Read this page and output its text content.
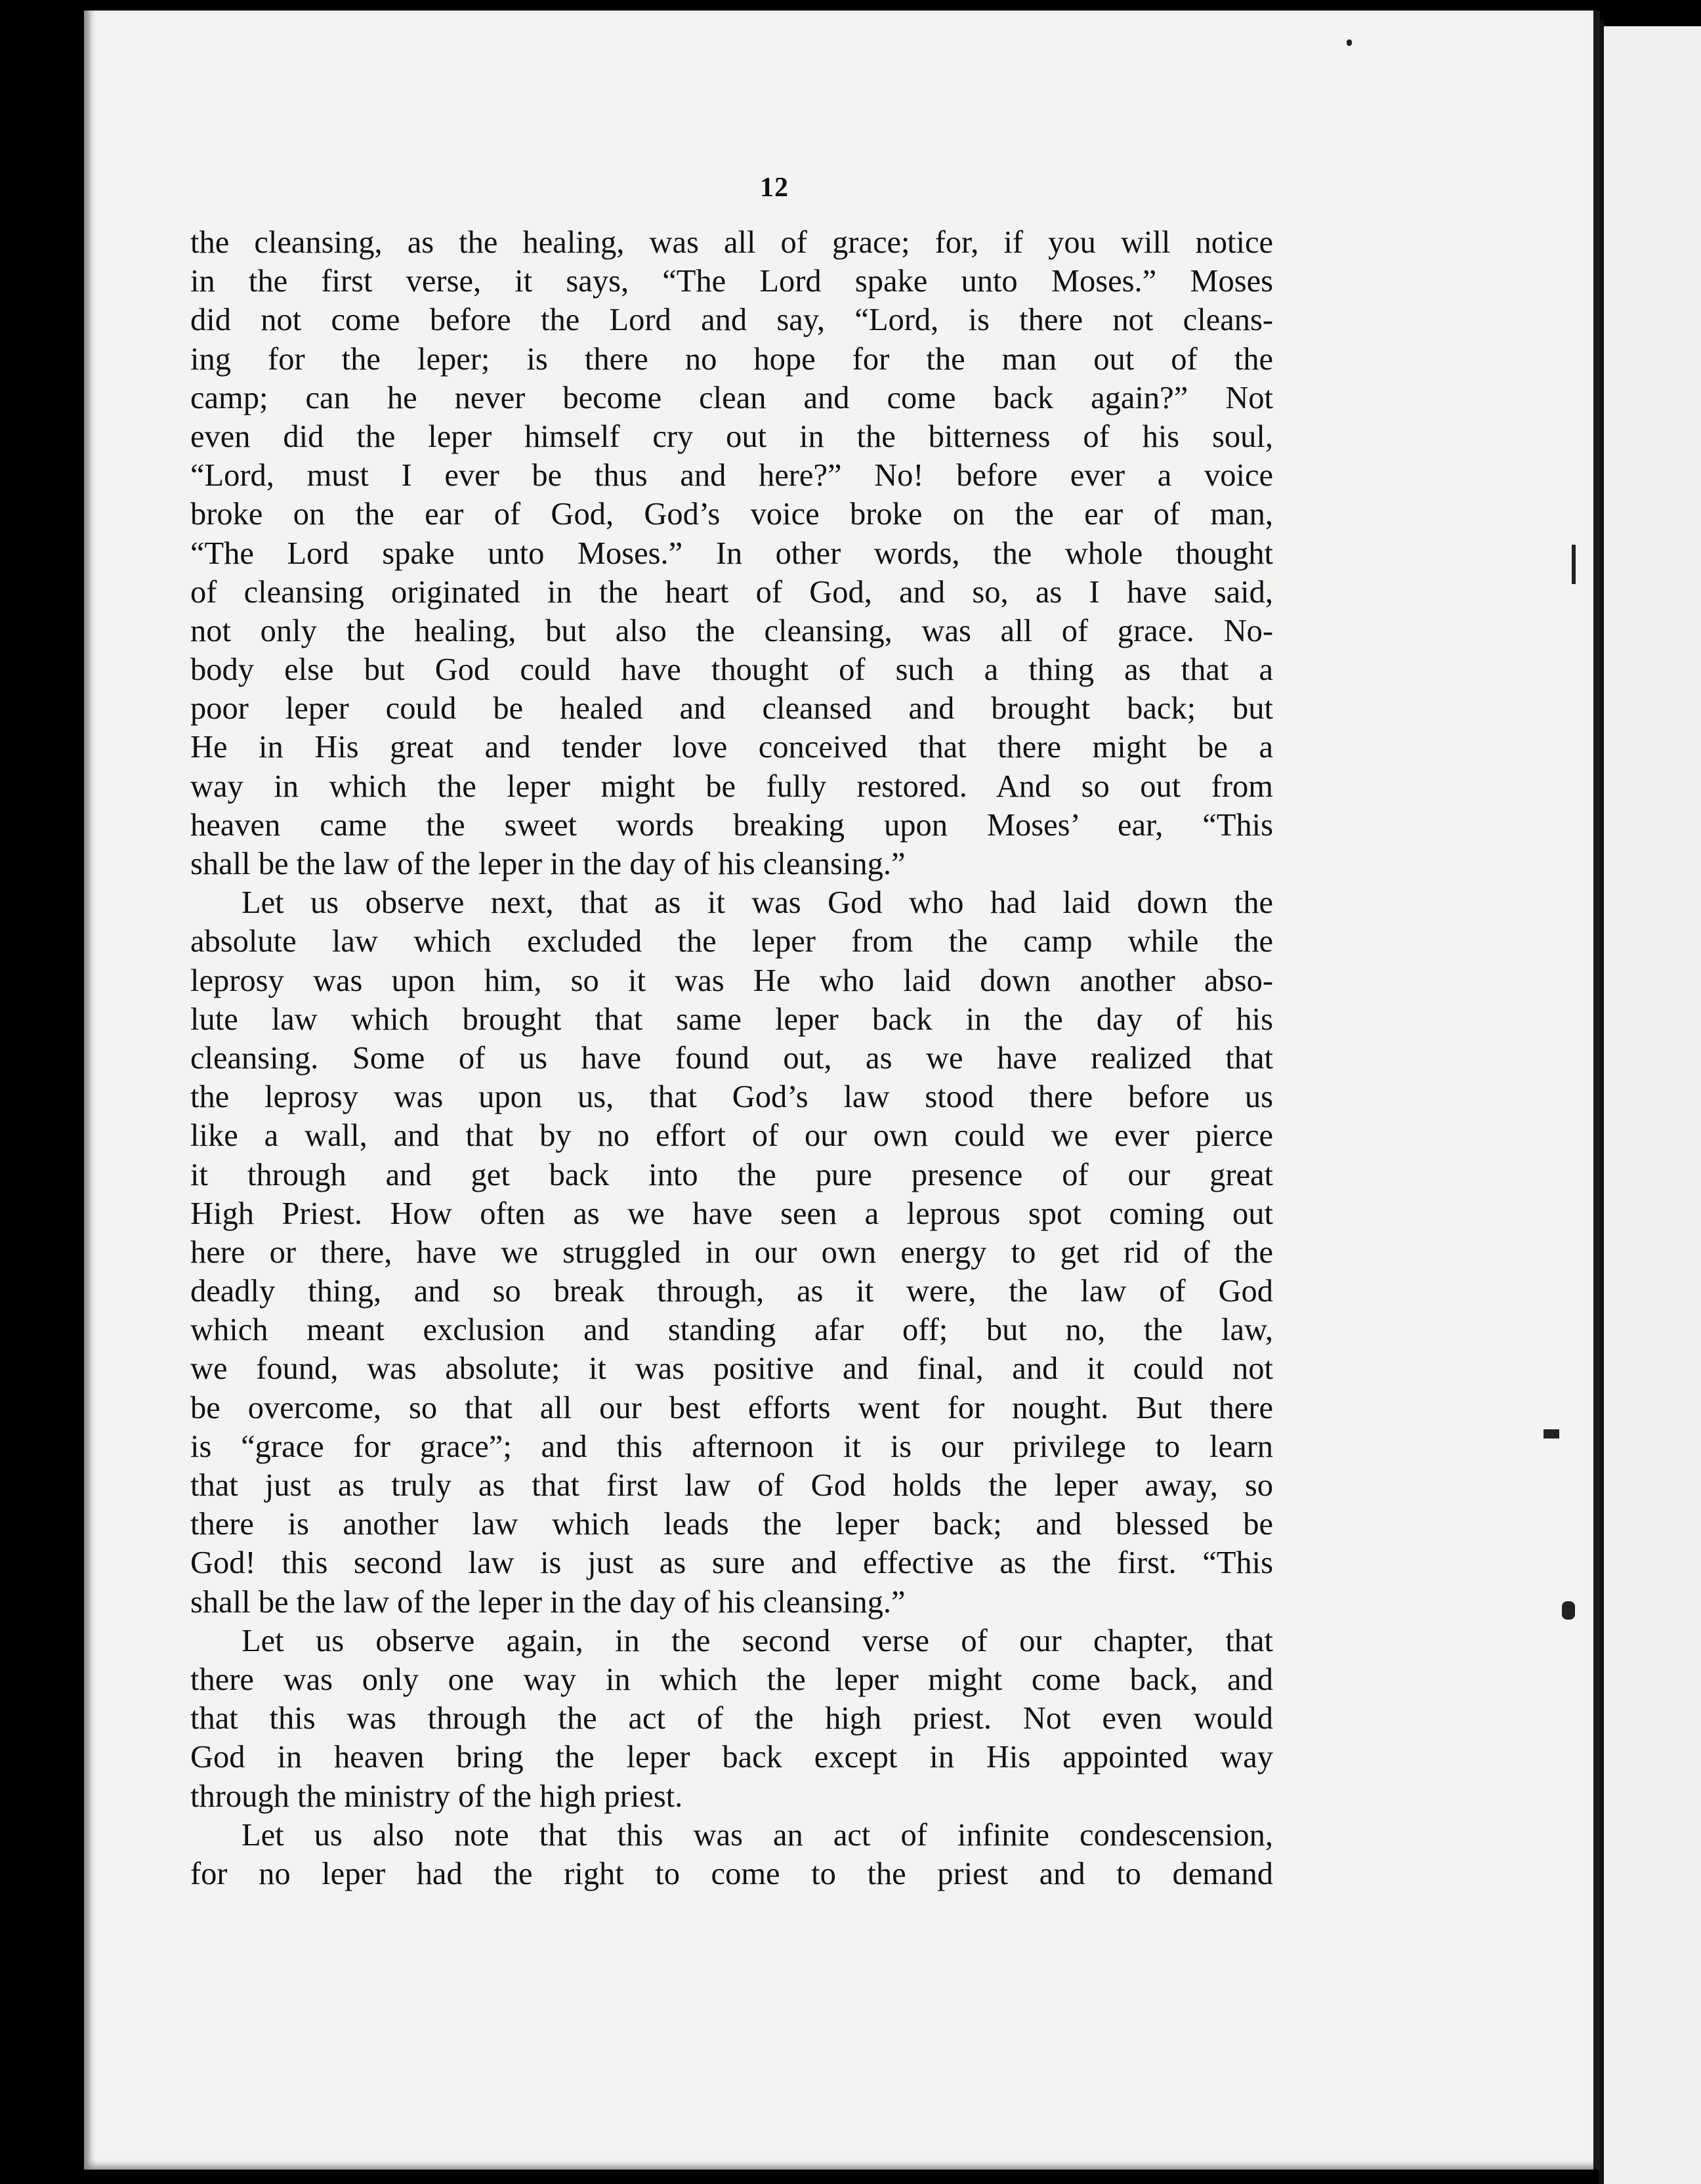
12
the cleansing, as the healing, was all of grace; for, if you will notice
in the first verse, it says, “The Lord spake unto Moses.” Moses
did not come before the Lord and say, “Lord, is there not cleans-
ing for the leper; is there no hope for the man out of the
camp; can he never become clean and come back again?” Not
even did the leper himself cry out in the bitterness of his soul,
“Lord, must I ever be thus and here?” No! before ever a voice
broke on the ear of God, God’s voice broke on the ear of man,
“The Lord spake unto Moses.” In other words, the whole thought
of cleansing originated in the heart of God, and so, as I have said,
not only the healing, but also the cleansing, was all of grace. No-
body else but God could have thought of such a thing as that a
poor leper could be healed and cleansed and brought back; but
He in His great and tender love conceived that there might be a
way in which the leper might be fully restored. And so out from
heaven came the sweet words breaking upon Moses’ ear, “This
shall be the law of the leper in the day of his cleansing.”
Let us observe next, that as it was God who had laid down the
absolute law which excluded the leper from the camp while the
leprosy was upon him, so it was He who laid down another abso-
lute law which brought that same leper back in the day of his
cleansing. Some of us have found out, as we have realized that
the leprosy was upon us, that God’s law stood there before us
like a wall, and that by no effort of our own could we ever pierce
it through and get back into the pure presence of our great
High Priest. How often as we have seen a leprous spot coming out
here or there, have we struggled in our own energy to get rid of the
deadly thing, and so break through, as it were, the law of God
which meant exclusion and standing afar off; but no, the law,
we found, was absolute; it was positive and final, and it could not
be overcome, so that all our best efforts went for nought. But there
is “grace for grace”; and this afternoon it is our privilege to learn
that just as truly as that first law of God holds the leper away, so
there is another law which leads the leper back; and blessed be
God! this second law is just as sure and effective as the first. “This
shall be the law of the leper in the day of his cleansing.”
Let us observe again, in the second verse of our chapter, that
there was only one way in which the leper might come back, and
that this was through the act of the high priest. Not even would
God in heaven bring the leper back except in His appointed way
through the ministry of the high priest.
Let us also note that this was an act of infinite condescension,
for no leper had the right to come to the priest and to demand
